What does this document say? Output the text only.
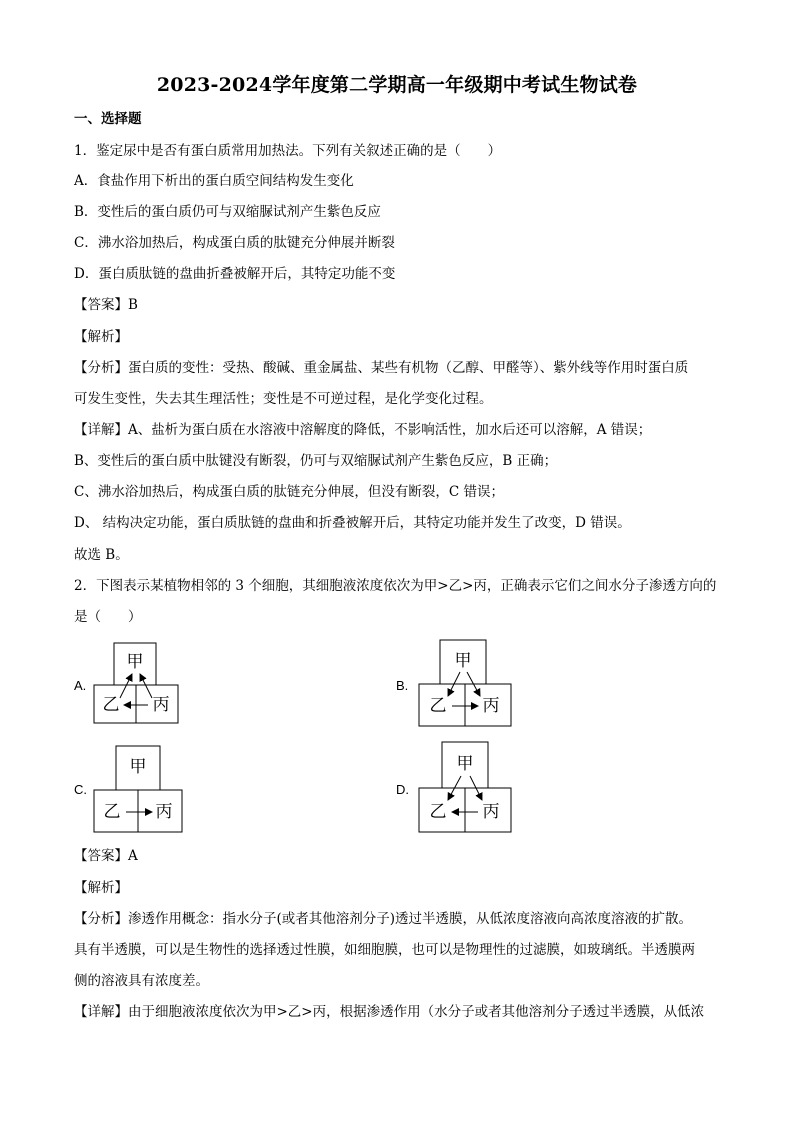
2023-2024学年度第二学期高一年级期中考试生物试卷
一、选择题
1．鉴定尿中是否有蛋白质常用加热法。下列有关叙述正确的是（　　）
A．食盐作用下析出的蛋白质空间结构发生变化
B．变性后的蛋白质仍可与双缩脲试剂产生紫色反应
C．沸水浴加热后，构成蛋白质的肽键充分伸展并断裂
D．蛋白质肽链的盘曲折叠被解开后，其特定功能不变
【答案】B
【解析】
【分析】蛋白质的变性：受热、酸碱、重金属盐、某些有机物（乙醇、甲醛等）、紫外线等作用时蛋白质
可发生变性，失去其生理活性；变性是不可逆过程，是化学变化过程。
【详解】A、盐析为蛋白质在水溶液中溶解度的降低，不影响活性，加水后还可以溶解，A 错误；
B、变性后的蛋白质中肽键没有断裂，仍可与双缩脲试剂产生紫色反应，B 正确；
C、沸水浴加热后，构成蛋白质的肽链充分伸展，但没有断裂，C 错误；
D、 结构决定功能，蛋白质肽链的盘曲和折叠被解开后，其特定功能并发生了改变，D 错误。
故选 B。
2．下图表示某植物相邻的 3 个细胞，其细胞液浓度依次为甲>乙>丙，正确表示它们之间水分子渗透方向的
是（　　）
A.
甲
乙 丙
B.
甲
乙 丙
C.
甲
乙 丙
D.
甲
乙 丙
【答案】A
【解析】
【分析】渗透作用概念：指水分子(或者其他溶剂分子)透过半透膜，从低浓度溶液向高浓度溶液的扩散。
具有半透膜，可以是生物性的选择透过性膜，如细胞膜，也可以是物理性的过滤膜，如玻璃纸。半透膜两
侧的溶液具有浓度差。
【详解】由于细胞液浓度依次为甲>乙>丙，根据渗透作用（水分子或者其他溶剂分子透过半透膜，从低浓
